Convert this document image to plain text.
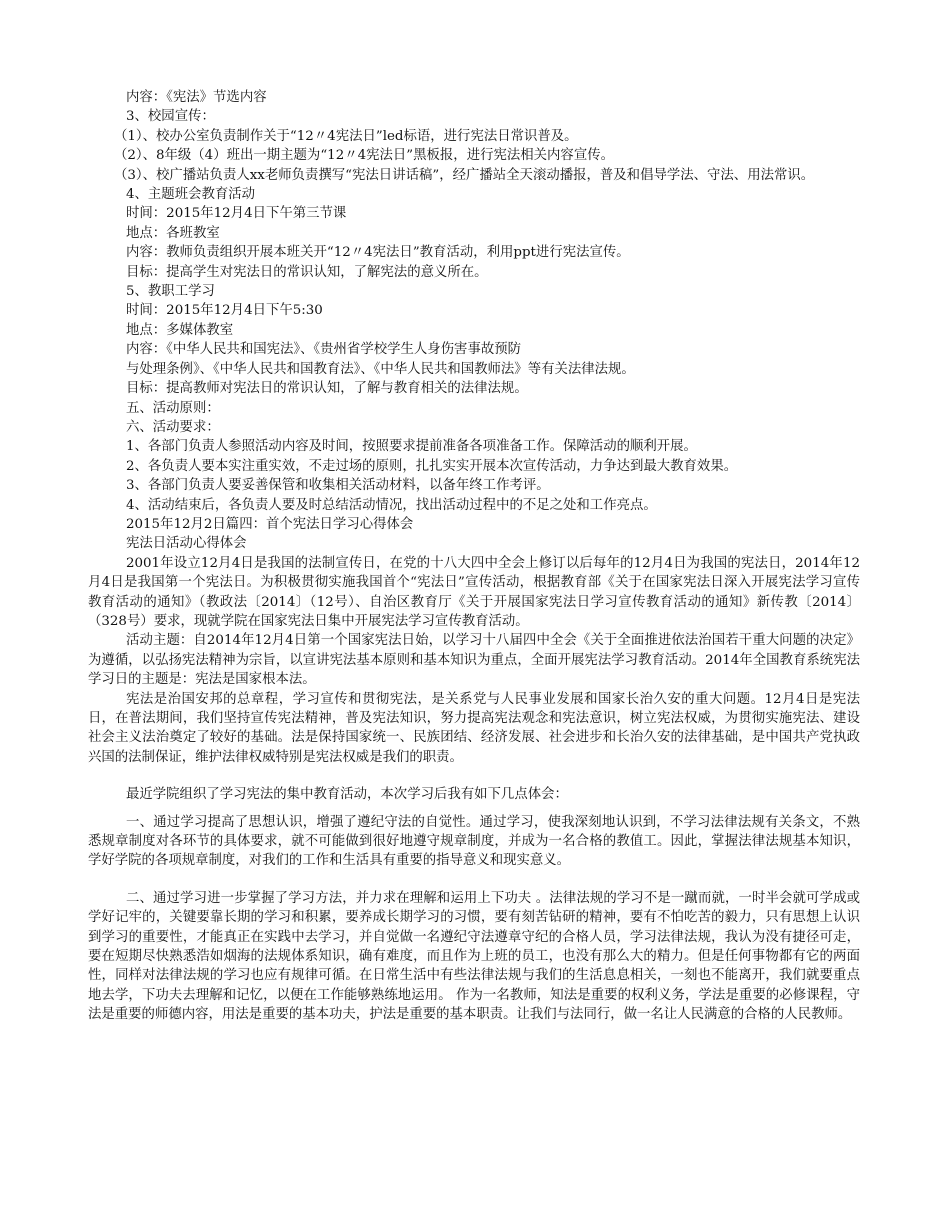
内容：《宪法》节选内容

3、校园宣传：

（1）、校办公室负责制作关于“12〃4宪法日”led标语，进行宪法日常识普及。

（2）、8年级（4）班出一期主题为“12〃4宪法日”黑板报，进行宪法相关内容宣传。

（3）、校广播站负责人xx老师负责撰写“宪法日讲话稿”，经广播站全天滚动播报，普及和倡导学法、守法、用法常识。

4、主题班会教育活动

时间：2015年12月4日下午第三节课

地点：各班教室

内容：教师负责组织开展本班关开“12〃4宪法日”教育活动，利用ppt进行宪法宣传。

目标：提高学生对宪法日的常识认知，了解宪法的意义所在。

5、教职工学习

时间：2015年12月4日下午5:30

地点：多媒体教室

内容：《中华人民共和国宪法》、《贵州省学校学生人身伤害事故预防

与处理条例》、《中华人民共和国教育法》、《中华人民共和国教师法》等有关法律法规。

目标：提高教师对宪法日的常识认知，了解与教育相关的法律法规。

五、活动原则：

六、活动要求：

1、各部门负责人参照活动内容及时间，按照要求提前准备各项准备工作。保障活动的顺利开展。

2、各负责人要本实注重实效，不走过场的原则，扎扎实实开展本次宣传活动，力争达到最大教育效果。

3、各部门负责人要妥善保管和收集相关活动材料，以备年终工作考评。

4、活动结束后，各负责人要及时总结活动情况，找出活动过程中的不足之处和工作亮点。

2015年12月2日篇四：首个宪法日学习心得体会

宪法日活动心得体会

2001年设立12月4日是我国的法制宣传日，在党的十八大四中全会上修订以后每年的12月4日为我国的宪法日，2014年12月4日是我国第一个宪法日。为积极贯彻实施我国首个“宪法日”宣传活动，根据教育部《关于在国家宪法日深入开展宪法学习宣传教育活动的通知》（教政法〔2014〕（12号）、自治区教育厅《关于开展国家宪法日学习宣传教育活动的通知》新传教〔2014〕（328号）要求，现就学院在国家宪法日集中开展宪法学习宣传教育活动。

活动主题：自2014年12月4日第一个国家宪法日始，以学习十八届四中全会《关于全面推进依法治国若干重大问题的决定》为遵循，以弘扬宪法精神为宗旨，以宣讲宪法基本原则和基本知识为重点，全面开展宪法学习教育活动。2014年全国教育系统宪法学习日的主题是：宪法是国家根本法。

宪法是治国安邦的总章程，学习宣传和贯彻宪法，是关系党与人民事业发展和国家长治久安的重大问题。12月4日是宪法日，在普法期间，我们坚持宣传宪法精神，普及宪法知识，努力提高宪法观念和宪法意识，树立宪法权威，为贯彻实施宪法、建设社会主义法治奠定了较好的基础。法是保持国家统一、民族团结、经济发展、社会进步和长治久安的法律基础，是中国共产党执政兴国的法制保证，维护法律权威特别是宪法权威是我们的职责。

最近学院组织了学习宪法的集中教育活动，本次学习后我有如下几点体会：

一、通过学习提高了思想认识，增强了遵纪守法的自觉性。通过学习，使我深刻地认识到，不学习法律法规有关条文，不熟悉规章制度对各环节的具体要求，就不可能做到很好地遵守规章制度，并成为一名合格的教值工。因此，掌握法律法规基本知识，学好学院的各项规章制度，对我们的工作和生活具有重要的指导意义和现实意义。

二、通过学习进一步掌握了学习方法，并力求在理解和运用上下功夫 。法律法规的学习不是一蹴而就，一时半会就可学成或学好记牢的，关键要靠长期的学习和积累，要养成长期学习的习惯，要有刻苦钻研的精神，要有不怕吃苦的毅力，只有思想上认识到学习的重要性，才能真正在实践中去学习，并自觉做一名遵纪守法遵章守纪的合格人员，学习法律法规，我认为没有捷径可走，要在短期尽快熟悉浩如烟海的法规体系知识，确有难度，而且作为上班的员工，也没有那么大的精力。但是任何事物都有它的两面性，同样对法律法规的学习也应有规律可循。在日常生活中有些法律法规与我们的生活息息相关，一刻也不能离开，我们就要重点地去学，下功夫去理解和记忆，以便在工作能够熟练地运用。 作为一名教师，知法是重要的权利义务，学法是重要的必修课程，守法是重要的师德内容，用法是重要的基本功夫，护法是重要的基本职责。让我们与法同行，做一名让人民满意的合格的人民教师。
